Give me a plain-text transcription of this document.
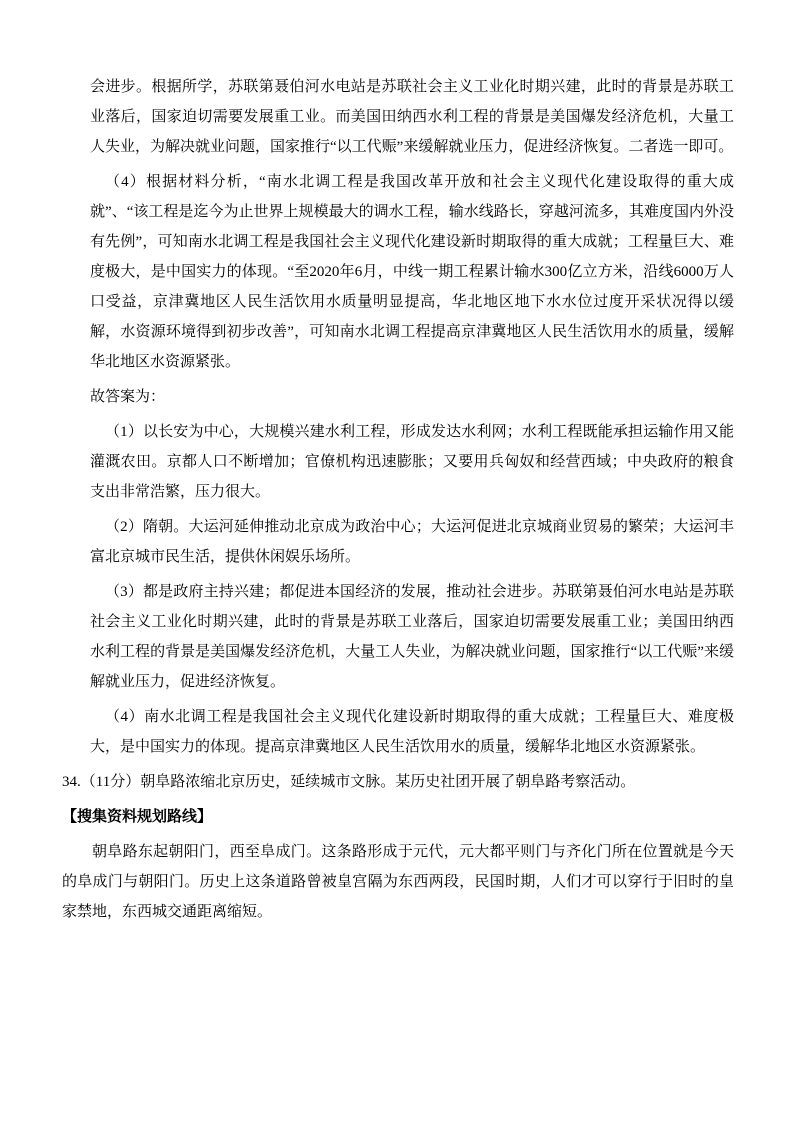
会进步。根据所学，苏联第聂伯河水电站是苏联社会主义工业化时期兴建，此时的背景是苏联工业落后，国家迫切需要发展重工业。而美国田纳西水利工程的背景是美国爆发经济危机，大量工人失业，为解决就业问题，国家推行“以工代赈”来缓解就业压力，促进经济恢复。二者选一即可。

（4）根据材料分析，“南水北调工程是我国改革开放和社会主义现代化建设取得的重大成就”、“该工程是迄今为止世界上规模最大的调水工程，输水线路长，穿越河流多，其难度国内外没有先例”，可知南水北调工程是我国社会主义现代化建设新时期取得的重大成就；工程量巨大、难度极大，是中国实力的体现。“至2020年6月，中线一期工程累计输水300亿立方米，沿线6000万人口受益，京津冀地区人民生活饮用水质量明显提高，华北地区地下水水位过度开采状况得以缓解，水资源环境得到初步改善”，可知南水北调工程提高京津冀地区人民生活饮用水的质量，缓解华北地区水资源紧张。

故答案为：

（1）以长安为中心，大规模兴建水利工程，形成发达水利网；水利工程既能承担运输作用又能灌溉农田。京都人口不断增加；官僚机构迅速膨胀；又要用兵匈奴和经营西域；中央政府的粮食支出非常浩繁，压力很大。

（2）隋朝。大运河延伸推动北京成为政治中心；大运河促进北京城商业贸易的繁荣；大运河丰富北京城市民生活，提供休闲娱乐场所。

（3）都是政府主持兴建；都促进本国经济的发展，推动社会进步。苏联第聂伯河水电站是苏联社会主义工业化时期兴建，此时的背景是苏联工业落后，国家迫切需要发展重工业；美国田纳西水利工程的背景是美国爆发经济危机，大量工人失业，为解决就业问题，国家推行“以工代赈”来缓解就业压力，促进经济恢复。

（4）南水北调工程是我国社会主义现代化建设新时期取得的重大成就；工程量巨大、难度极大，是中国实力的体现。提高京津冀地区人民生活饮用水的质量，缓解华北地区水资源紧张。

34.（11分）朝阜路浓缩北京历史，延续城市文脉。某历史社团开展了朝阜路考察活动。

【搜集资料规划路线】

朝阜路东起朝阳门，西至阜成门。这条路形成于元代，元大都平则门与齐化门所在位置就是今天的阜成门与朝阳门。历史上这条道路曾被皇宫隔为东西两段，民国时期，人们才可以穿行于旧时的皇家禁地，东西城交通距离缩短。
